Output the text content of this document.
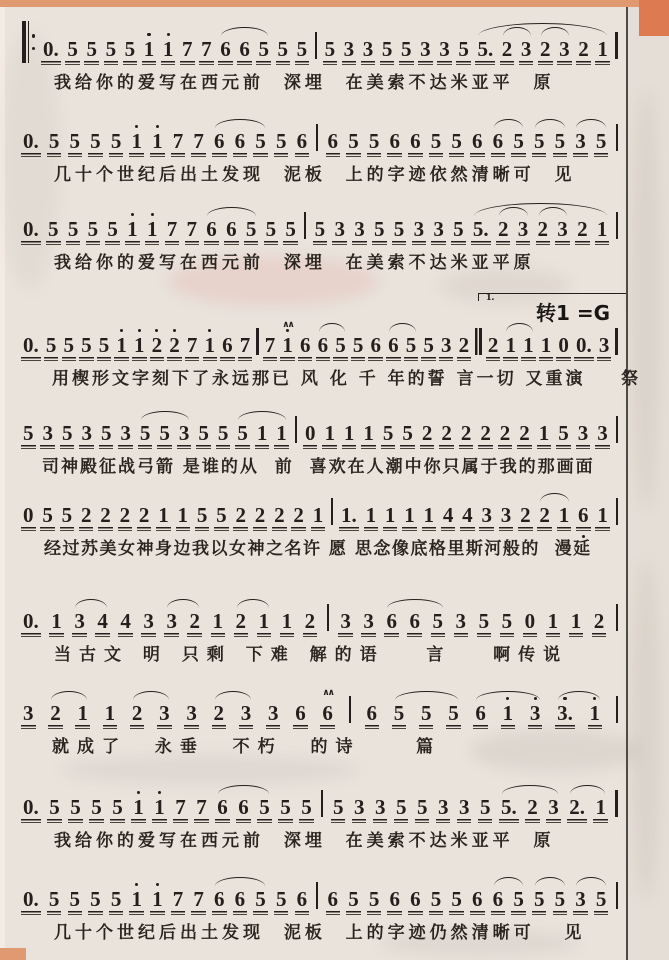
1.
转1 =G
0. 5 5 5 5 1 1 7 7 6 6 5 5 5 5 3 3 5 5 3 3 5 5. 2 3 2 3 2 1
我给你的爱写在西元前  深埋  在美索不达米亚平  原
0. 5 5 5 5 1 1 7 7 6 6 5 5 6 6 5 5 6 6 5 5 6 6 5 5 5 3 5
几十个世纪后出土发现  泥板  上的字迹依然清晰可  见
0. 5 5 5 5 1 1 7 7 6 6 5 5 5 5 3 3 5 5 3 3 5 5. 2 3 2 3 2 1
我给你的爱写在西元前  深埋  在美索不达米亚平原
0. 5 5 5 5 1 1 2 2 7 1 6 7 7 1
∧∧
6 6 5 5 6 6 5 5 3 2 2 1 1 1 0 0. 3
用楔形文字刻下了永远那已 风 化 千 年的誓 言一切 又重演    祭
5 3 5 3 5 3 5 5 3 5 5 5 1 1 0 1 1 1 5 5 2 2 2 2 2 2 1 5 3 3
司神殿征战弓箭 是谁的从  前  喜欢在人潮中你只属于我的那画面
0 5 5 2 2 2 2 1 1 5 5 2 2 2 2 1 1. 1 1 1 1 4 4 3 3 2 2 1 6 1
经过苏美女神身边我以女神之名许 愿 思念像底格里斯河般的  漫延
0. 1 3 4 4 3 3 2 1 2 1 1 2 3 3 6 6 5 3 5 5 0 1 1 2
当古文 明 只剩 下难 解的语   言   啊传说
3 2 1 1 2 3 3 2 3 3 6 6
∧∧
6 5 5 5 6 1 3 3. 1
就成了  永垂  不朽  的诗    篇
0. 5 5 5 5 1 1 7 7 6 6 5 5 5 5 3 3 5 5 3 3 5 5. 2 3 2. 1
我给你的爱写在西元前  深埋  在美索不达米亚平  原
0. 5 5 5 5 1 1 7 7 6 6 5 5 6 6 5 5 6 6 5 5 6 6 5 5 5 3 5
几十个世纪后出土发现  泥板  上的字迹仍然清晰可   见
